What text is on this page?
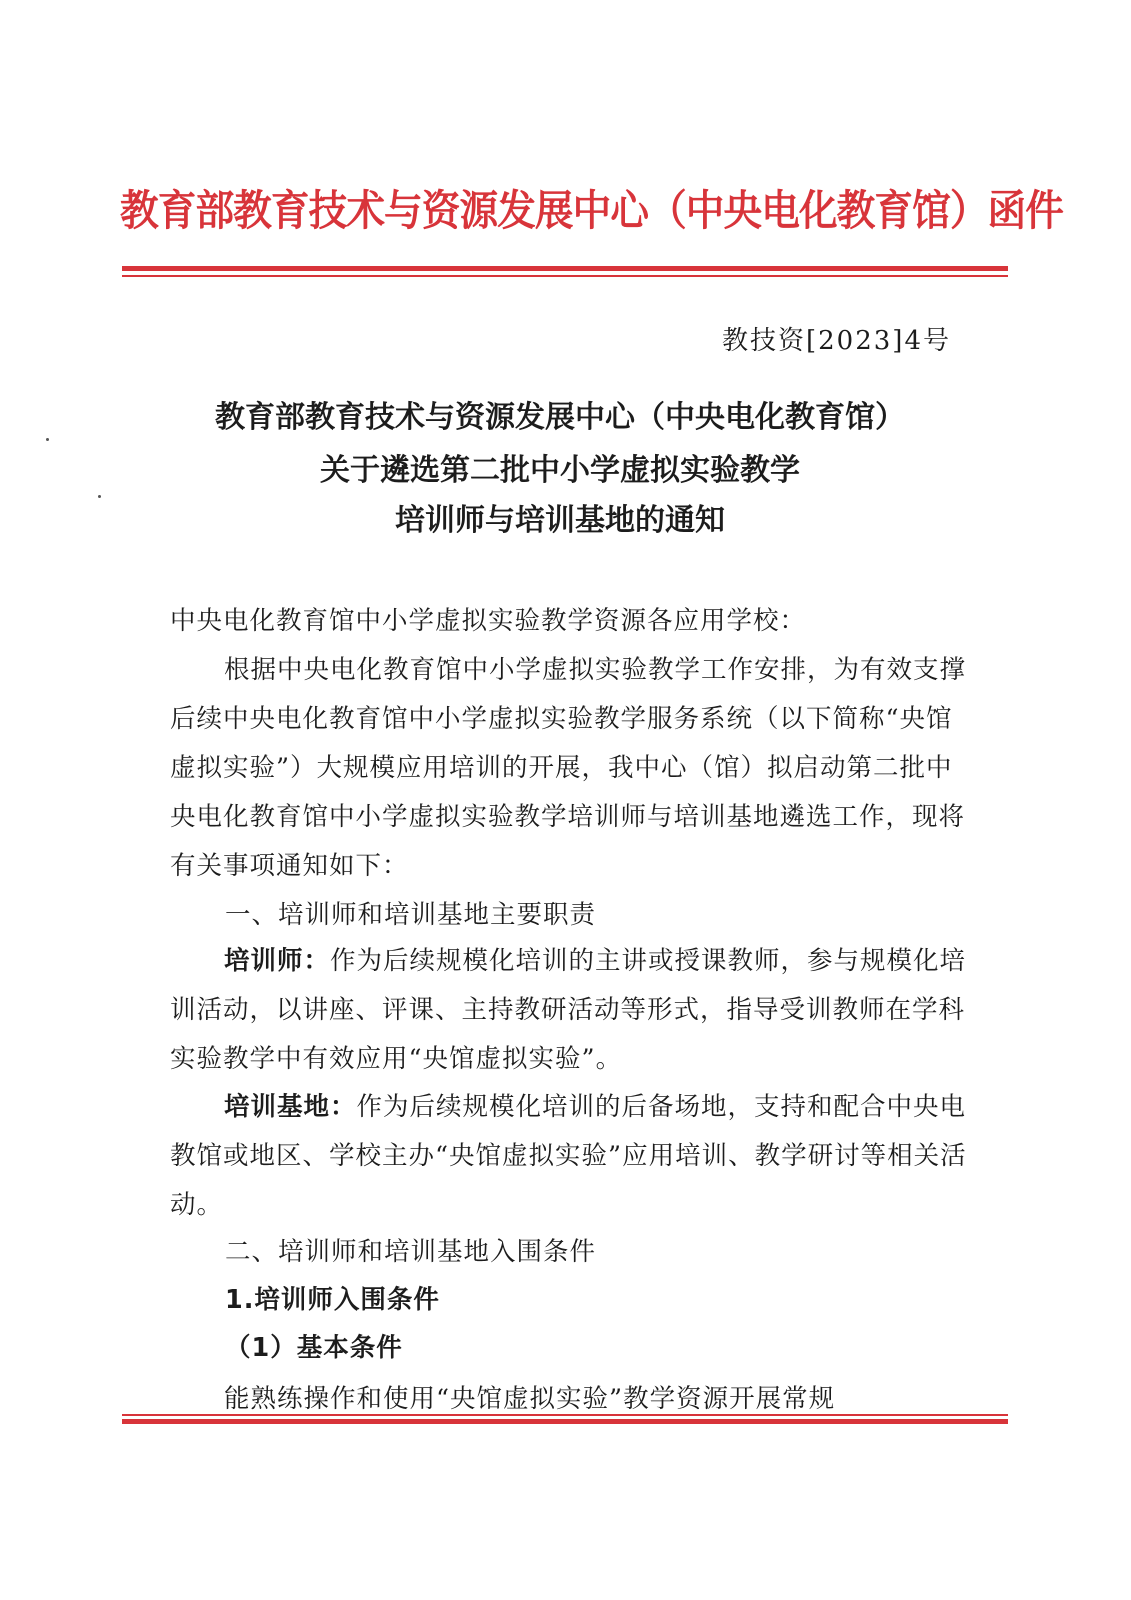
教育部教育技术与资源发展中心（中央电化教育馆）函件
教技资[2023]4号
教育部教育技术与资源发展中心（中央电化教育馆）
关于遴选第二批中小学虚拟实验教学
培训师与培训基地的通知

中央电化教育馆中小学虚拟实验教学资源各应用学校：

根据中央电化教育馆中小学虚拟实验教学工作安排，为有效支撑后续中央电化教育馆中小学虚拟实验教学服务系统（以下简称“央馆虚拟实验”）大规模应用培训的开展，我中心（馆）拟启动第二批中央电化教育馆中小学虚拟实验教学培训师与培训基地遴选工作，现将有关事项通知如下：

一、培训师和培训基地主要职责

培训师：作为后续规模化培训的主讲或授课教师，参与规模化培训活动，以讲座、评课、主持教研活动等形式，指导受训教师在学科实验教学中有效应用“央馆虚拟实验”。

培训基地：作为后续规模化培训的后备场地，支持和配合中央电教馆或地区、学校主办“央馆虚拟实验”应用培训、教学研讨等相关活动。

二、培训师和培训基地入围条件
1.培训师入围条件
（1）基本条件

能熟练操作和使用“央馆虚拟实验”教学资源开展常规
